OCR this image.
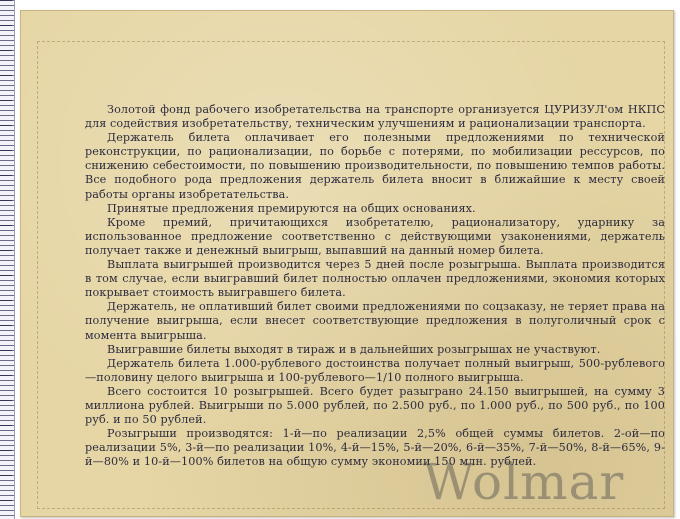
Золотой фонд рабочего изобретательства на транспорте организуется ЦУРИЗУЛ'ом НКПС для содействия изобретательству, техническим улучшениям и рационализации транспорта.

Держатель билета оплачивает его полезными предложениями по технической реконструкции, по рационализации, по борьбе с потерями, по мобилизации рессурсов, по снижению себестоимости, по повышению производительности, по повышению темпов работы. Все подобного рода предложения держатель билета вносит в ближайшие к месту своей работы органы изобретательства.

Принятые предложения премируются на общих основаниях.

Кроме премий, причитающихся изобретателю, рационализатору, ударнику за использованное предложение соответственно с действующими узаконениями, держатель получает также и денежный выигрыш, выпавший на данный номер билета.

Выплата выигрышей производится через 5 дней после розыгрыша. Выплата производится в том случае, если выигравший билет полностью оплачен предложениями, экономия которых покрывает стоимость выигравшего билета.

Держатель, не оплативший билет своими предложениями по соцзаказу, не теряет права на получение выигрыша, если внесет соответствующие предложения в полуголичный срок с момента выигрыша.

Выигравшие билеты выходят в тираж и в дальнейших розыгрышах не участвуют.

Держатель билета 1.000-рублевого достоинства получает полный выигрыш, 500-рублевого—половину целого выигрыша и 100-рублевого—1/10 полного выигрыша.

Всего состоится 10 розыгрышей. Всего будет разыграно 24.150 выигрышей, на сумму 3 миллиона рублей. Выигрыши по 5.000 рублей, по 2.500 руб., по 1.000 руб., по 500 руб., по 100 руб. и по 50 рублей.

Розыгрыши производятся: 1-й—по реализации 2,5% общей суммы билетов. 2-ой—по реализации 5%, 3-й—по реализации 10%, 4-й—15%, 5-й—20%, 6-й—35%, 7-й—50%, 8-й—65%, 9-й—80% и 10-й—100% билетов на общую сумму экономии 150 млн. рублей.

Wolmar
